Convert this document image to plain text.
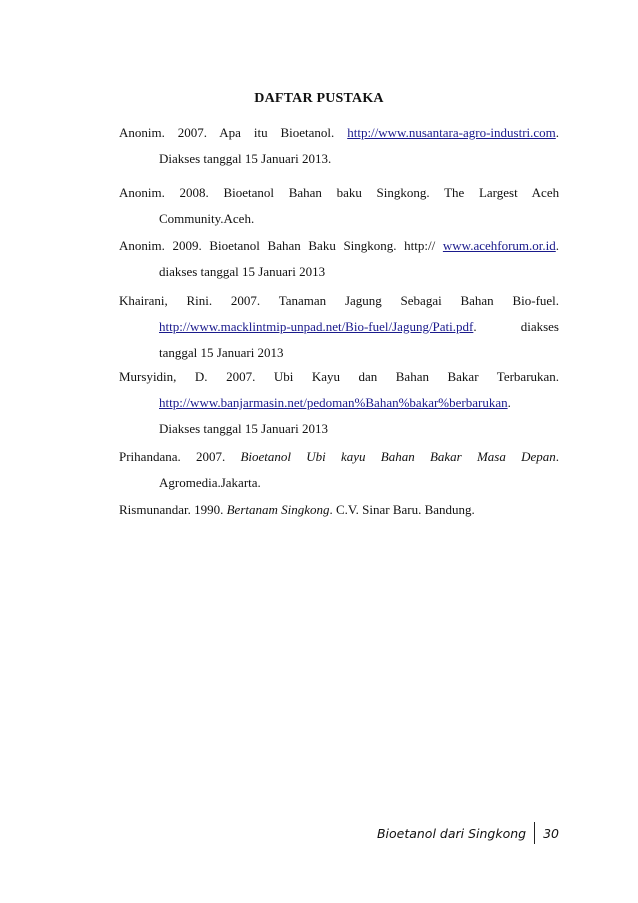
DAFTAR PUSTAKA
Anonim. 2007. Apa itu Bioetanol. http://www.nusantara-agro-industri.com.
Diakses tanggal 15 Januari 2013.
Anonim. 2008. Bioetanol Bahan baku Singkong. The Largest Aceh
Community.Aceh.
Anonim. 2009. Bioetanol Bahan Baku Singkong. http:// www.acehforum.or.id.
diakses tanggal 15 Januari 2013
Khairani, Rini. 2007. Tanaman Jagung Sebagai Bahan Bio-fuel.
http://www.macklintmip-unpad.net/Bio-fuel/Jagung/Pati.pdf.	diakses
tanggal 15 Januari 2013
Mursyidin, D. 2007. Ubi Kayu dan Bahan Bakar Terbarukan.
http://www.banjarmasin.net/pedoman%Bahan%bakar%berbarukan.
Diakses tanggal 15 Januari 2013
Prihandana. 2007. Bioetanol Ubi kayu Bahan Bakar Masa Depan.
Agromedia.Jakarta.
Rismunandar. 1990. Bertanam Singkong. C.V. Sinar Baru. Bandung.
Bioetanol dari Singkong 30
